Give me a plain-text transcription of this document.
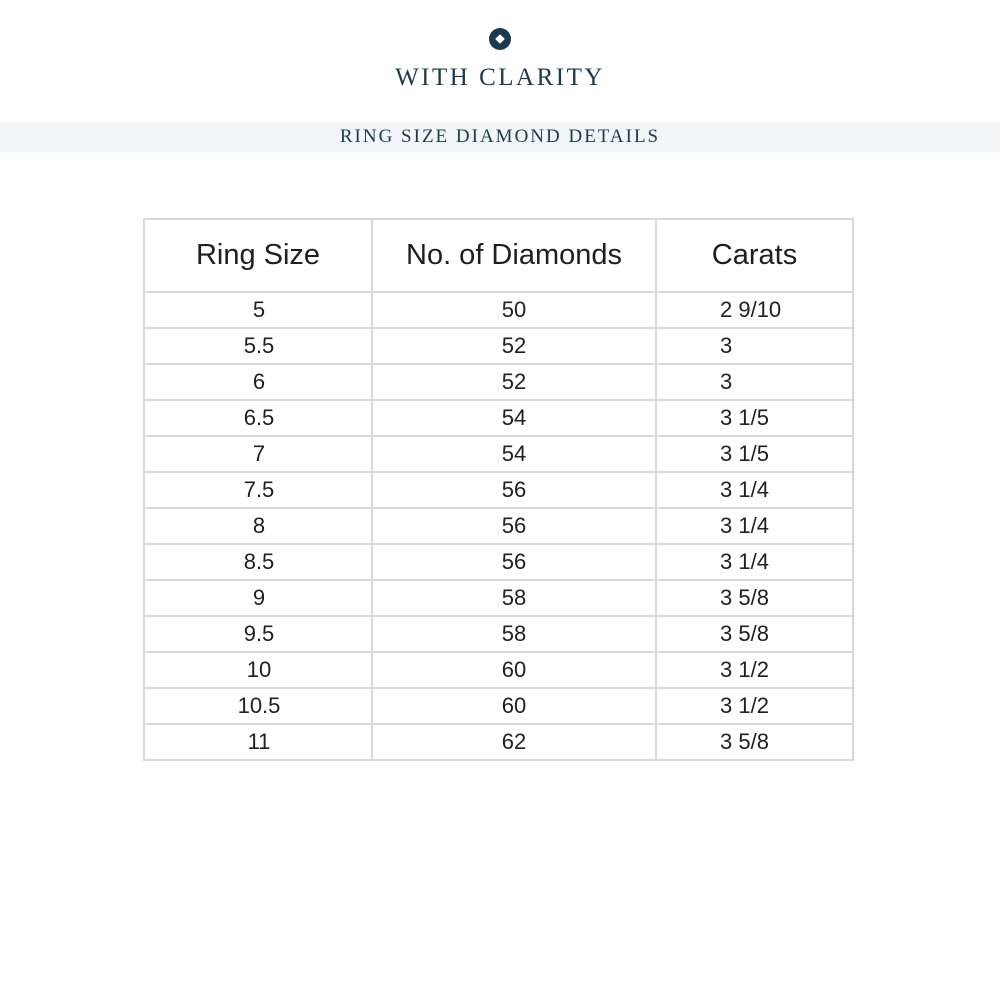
WITH CLARITY
RING SIZE DIAMOND DETAILS
Ring Size	No. of Diamonds	Carats

5	50	2 9/10

5.5	52	3

6	52	3

6.5	54	3 1/5

7	54	3 1/5

7.5	56	3 1/4

8	56	3 1/4

8.5	56	3 1/4

9	58	3 5/8

9.5	58	3 5/8

10	60	3 1/2

10.5	60	3 1/2

11	62	3 5/8
